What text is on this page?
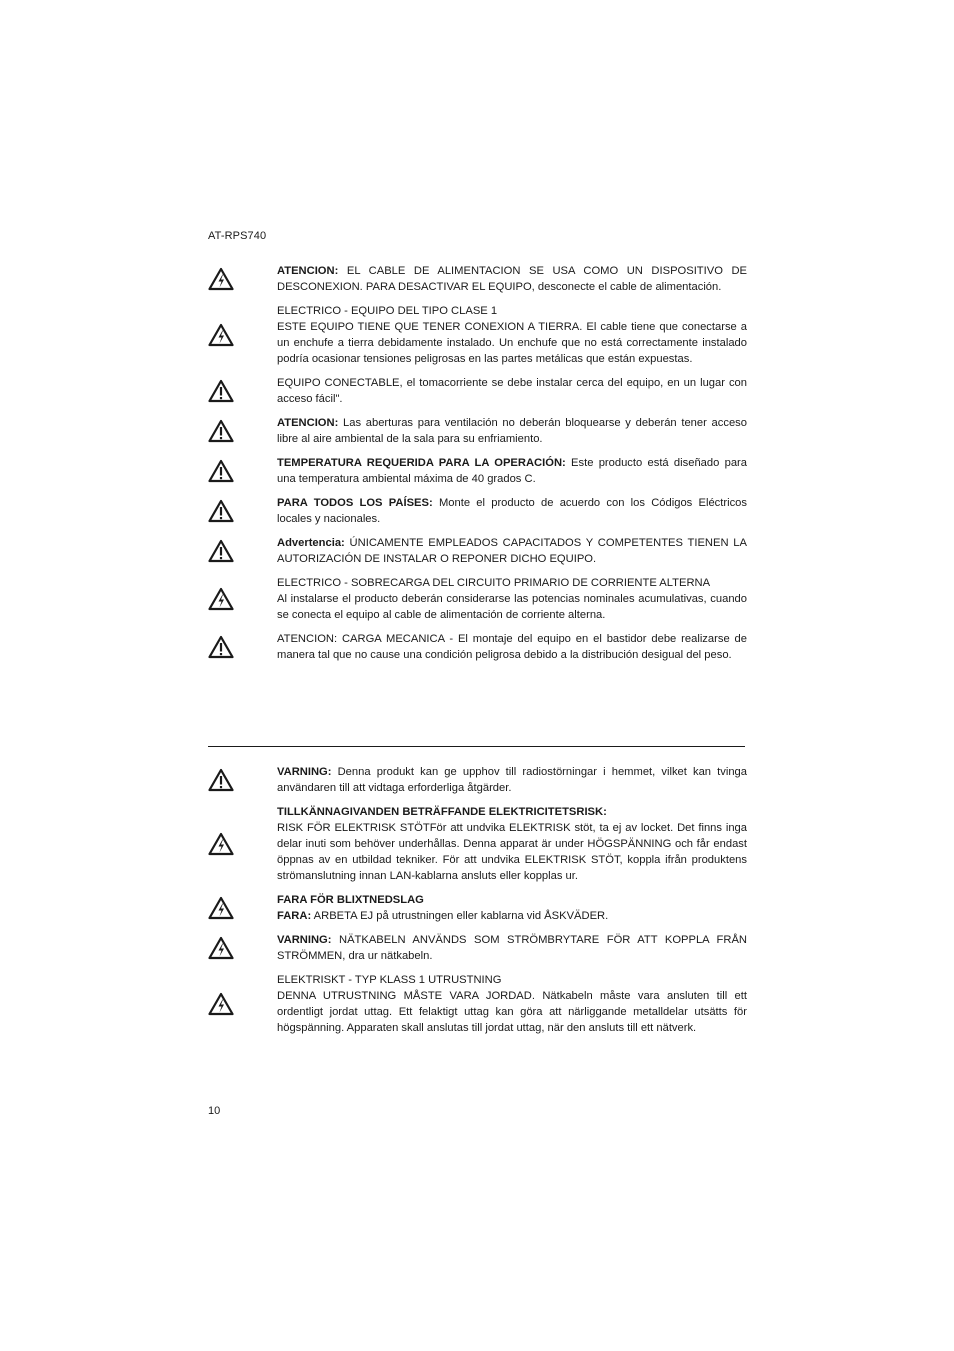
AT-RPS740
ATENCION: EL CABLE DE ALIMENTACION SE USA COMO UN DISPOSITIVO DE DESCONEXION. PARA DESACTIVAR EL EQUIPO, desconecte el cable de alimentación.
ELECTRICO - EQUIPO DEL TIPO CLASE 1
ESTE EQUIPO TIENE QUE TENER CONEXION A TIERRA. El cable tiene que conectarse a un enchufe a tierra debidamente instalado. Un enchufe que no está correctamente instalado podría ocasionar tensiones peligrosas en las partes metálicas que están expuestas.
EQUIPO CONECTABLE, el tomacorriente se debe instalar cerca del equipo, en un lugar con acceso fácil".
ATENCION: Las aberturas para ventilación no deberán bloquearse y deberán tener acceso libre al aire ambiental de la sala para su enfriamiento.
TEMPERATURA REQUERIDA PARA LA OPERACIÓN: Este producto está diseñado para una temperatura ambiental máxima de 40 grados C.
PARA TODOS LOS PAÍSES: Monte el producto de acuerdo con los Códigos Eléctricos locales y nacionales.
Advertencia: ÚNICAMENTE EMPLEADOS CAPACITADOS Y COMPETENTES TIENEN LA AUTORIZACIÓN DE INSTALAR O REPONER DICHO EQUIPO.
ELECTRICO - SOBRECARGA DEL CIRCUITO PRIMARIO DE CORRIENTE ALTERNA
Al instalarse el producto deberán considerarse las potencias nominales acumulativas, cuando se conecta el equipo al cable de alimentación de corriente alterna.
ATENCION: CARGA MECANICA - El montaje del equipo en el bastidor debe realizarse de manera tal que no cause una condición peligrosa debido a la distribución desigual del peso.
VARNING: Denna produkt kan ge upphov till radiostörningar i hemmet, vilket kan tvinga användaren till att vidtaga erforderliga åtgärder.
TILLKÄNNAGIVANDEN BETRÄFFANDE ELEKTRICITETSRISK:
RISK FÖR ELEKTRISK STÖTFör att undvika ELEKTRISK stöt, ta ej av locket. Det finns inga delar inuti som behöver underhållas. Denna apparat är under HÖGSPÄNNING och får endast öppnas av en utbildad tekniker. För att undvika ELEKTRISK STÖT, koppla ifrån produktens strömanslutning innan LAN-kablarna ansluts eller kopplas ur.
FARA FÖR BLIXTNEDSLAG
FARA: ARBETA EJ på utrustningen eller kablarna vid ÅSKVÄDER.
VARNING: NÄTKABELN ANVÄNDS SOM STRÖMBRYTARE FÖR ATT KOPPLA FRÅN STRÖMMEN, dra ur nätkabeln.
ELEKTRISKT - TYP KLASS 1 UTRUSTNING
DENNA UTRUSTNING MÅSTE VARA JORDAD. Nätkabeln måste vara ansluten till ett ordentligt jordat uttag. Ett felaktigt uttag kan göra att närliggande metalldelar utsätts för högspänning. Apparaten skall anslutas till jordat uttag, när den ansluts till ett nätverk.
10
